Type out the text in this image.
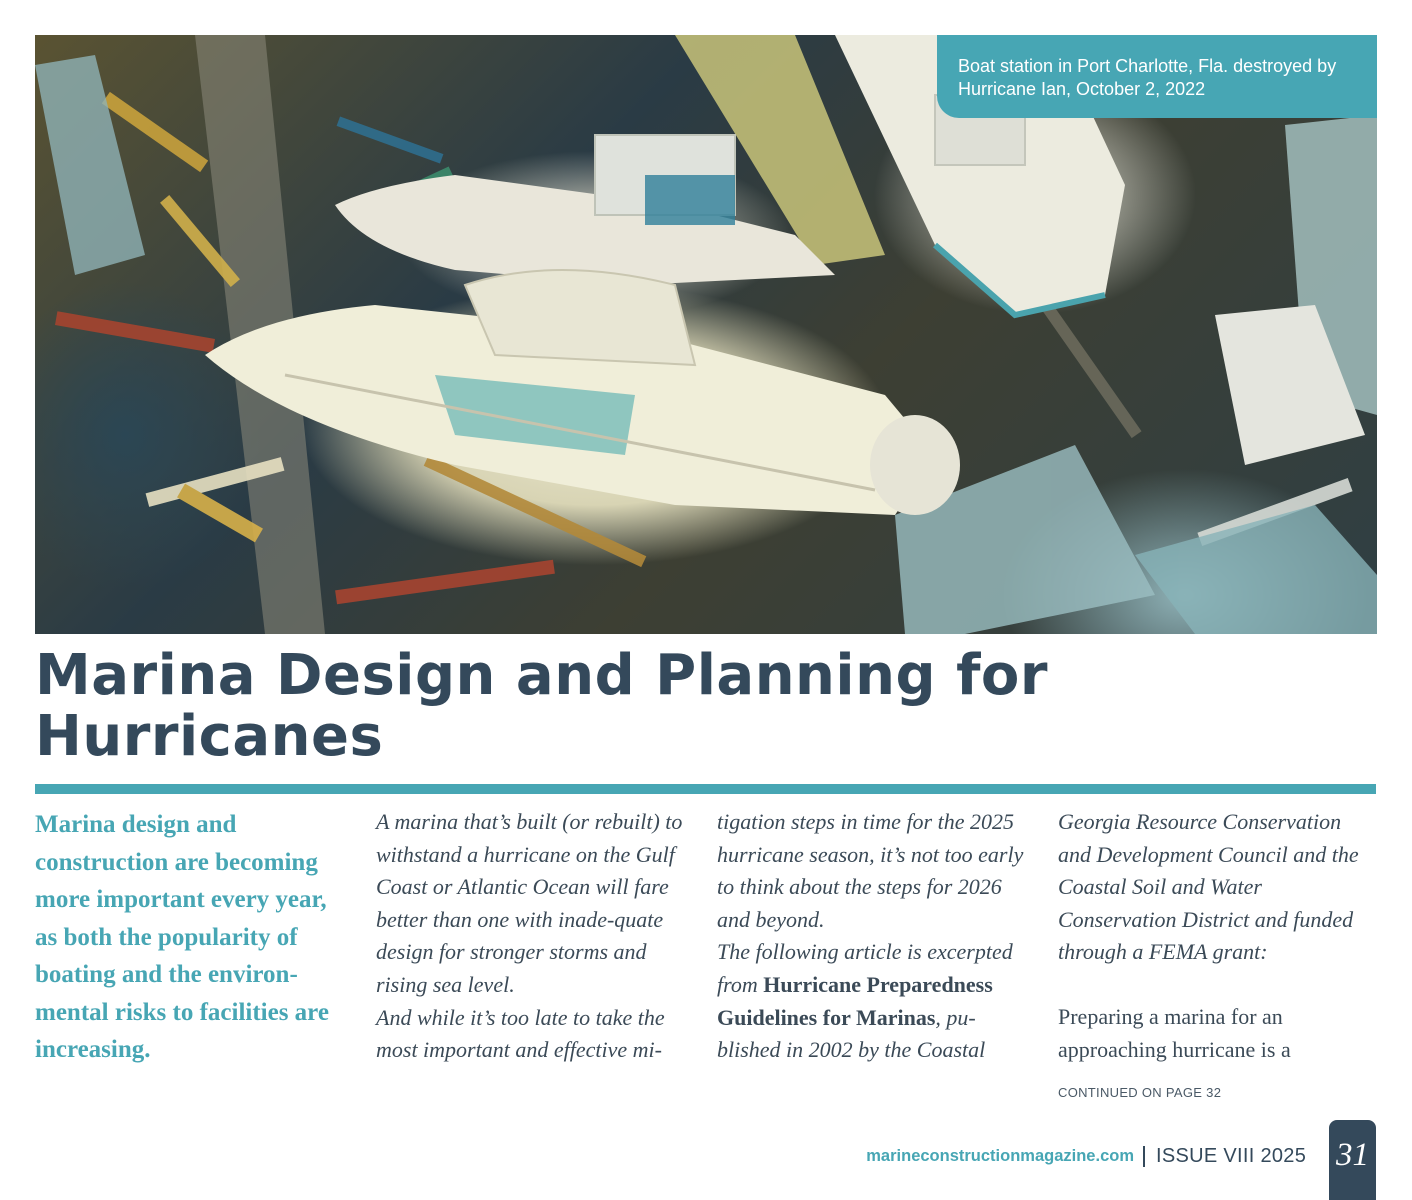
Boat station in Port Charlotte, Fla. destroyed by Hurricane Ian, October 2, 2022
Marina Design and Planning for
Hurricanes

Marina design and construction are becoming more important every year, as both the popularity of boating and the environ-mental risks to facilities are increasing.

A marina that’s built (or rebuilt) to withstand a hurricane on the Gulf Coast or Atlantic Ocean will fare better than one with inade-quate design for stronger storms and rising sea level.

And while it’s too late to take the most important and effective mi-

tigation steps in time for the 2025 hurricane season, it’s not too early to think about the steps for 2026 and beyond.

The following article is excerpted from Hurricane Preparedness Guidelines for Marinas, pu-blished in 2002 by the Coastal

Georgia Resource Conservation and Development Council and the Coastal Soil and Water Conservation District and funded through a FEMA grant:

Preparing a marina for an approaching hurricane is a

CONTINUED ON PAGE 32
marineconstructionmagazine.com ISSUE VIII 2025 31
